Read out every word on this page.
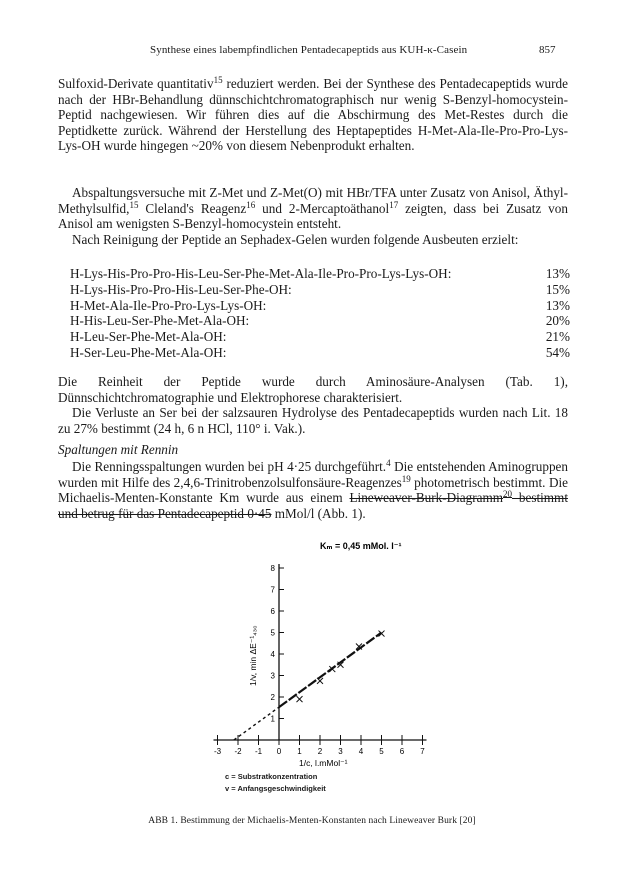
Synthese eines labempfindlichen Pentadecapeptids aus KUH-κ-Casein	857

Sulfoxid-Derivate quantitativ$^{15}$ reduziert werden. Bei der Synthese des Pentadecapeptids wurde nach der HBr-Behandlung dünnschichtchromatographisch nur wenig S-Benzyl-homocystein-Peptid nachgewiesen. Wir führen dies auf die Abschirmung des Met-Restes durch die Peptidkette zurück. Während der Herstellung des Heptapeptides H-Met-Ala-Ile-Pro-Pro-Lys-Lys-OH wurde hingegen ~20% von diesem Nebenprodukt erhalten.

Abspaltungsversuche mit Z-Met und Z-Met(O) mit HBr/TFA unter Zusatz von Anisol, Äthyl-Methylsulfid,$^{15}$ Cleland's Reagenz$^{16}$ und 2-Mercaptoäthanol$^{17}$ zeigten, dass bei Zusatz von Anisol am wenigsten S-Benzyl-homocystein entsteht.

Nach Reinigung der Peptide an Sephadex-Gelen wurden folgende Ausbeuten erzielt:

H-Lys-His-Pro-Pro-His-Leu-Ser-Phe-Met-Ala-Ile-Pro-Pro-Lys-Lys-OH:	13%
H-Lys-His-Pro-Pro-His-Leu-Ser-Phe-OH:	15%
H-Met-Ala-Ile-Pro-Pro-Lys-Lys-OH:	13%
H-His-Leu-Ser-Phe-Met-Ala-OH:	20%
H-Leu-Ser-Phe-Met-Ala-OH:	21%
H-Ser-Leu-Phe-Met-Ala-OH:	54%

Die Reinheit der Peptide wurde durch Aminosäure-Analysen (Tab. 1), Dünnschichtchromatographie und Elektrophorese charakterisiert.

Die Verluste an Ser bei der salzsauren Hydrolyse des Pentadecapeptids wurden nach Lit. 18 zu 27% bestimmt (24 h, 6 n HCl, 110° i. Vak.).

Spaltungen mit Rennin

Die Renningsspaltungen wurden bei pH 4·25 durchgeführt.$^4$ Die entstehenden Aminogruppen wurden mit Hilfe des 2,4,6-Trinitrobenzolsulfonsäure-Reagenzes$^{19}$ photometrisch bestimmt. Die Michaelis-Menten-Konstante Km wurde aus einem Lineweaver-Burk-Diagramm$^{20}$ bestimmt und betrug für das Pentadecapeptid 0·45 mMol/l (Abb. 1).

-3 -2 -1 0 1 2 3 4 5 6 7
1
2
3
4
5
6
7
8
Kₘ = 0,45 mMol. l⁻¹
1/c, l.mMol⁻¹
1/v, min ΔE⁻¹₄₃₀
c = Substratkonzentration
v = Anfangsgeschwindigkeit
ABB 1. Bestimmung der Michaelis-Menten-Konstanten nach Lineweaver Burk [20]
